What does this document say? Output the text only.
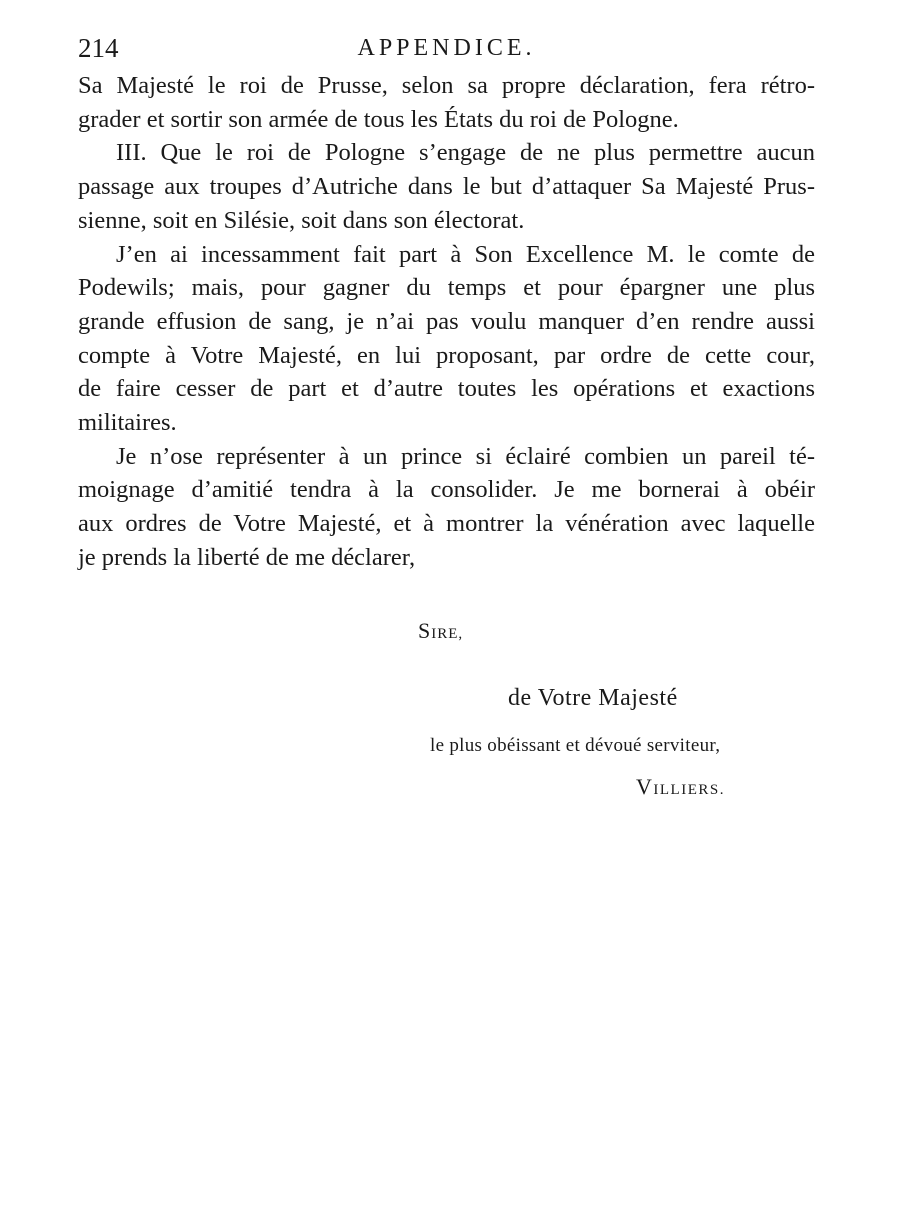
214	APPENDICE.

Sa Majesté le roi de Prusse, selon sa propre déclaration, fera rétro-
grader et sortir son armée de tous les États du roi de Pologne.

III. Que le roi de Pologne s’engage de ne plus permettre aucun
passage aux troupes d’Autriche dans le but d’attaquer Sa Majesté Prus-
sienne, soit en Silésie, soit dans son électorat.

J’en ai incessamment fait part à Son Excellence M. le comte de
Podewils; mais, pour gagner du temps et pour épargner une plus
grande effusion de sang, je n’ai pas voulu manquer d’en rendre aussi
compte à Votre Majesté, en lui proposant, par ordre de cette cour,
de faire cesser de part et d’autre toutes les opérations et exactions
militaires.

Je n’ose représenter à un prince si éclairé combien un pareil té-
moignage d’amitié tendra à la consolider. Je me bornerai à obéir
aux ordres de Votre Majesté, et à montrer la vénération avec laquelle
je prends la liberté de me déclarer,

SIRE,
de Votre Majesté
le plus obéissant et dévoué serviteur,
VILLIERS.
